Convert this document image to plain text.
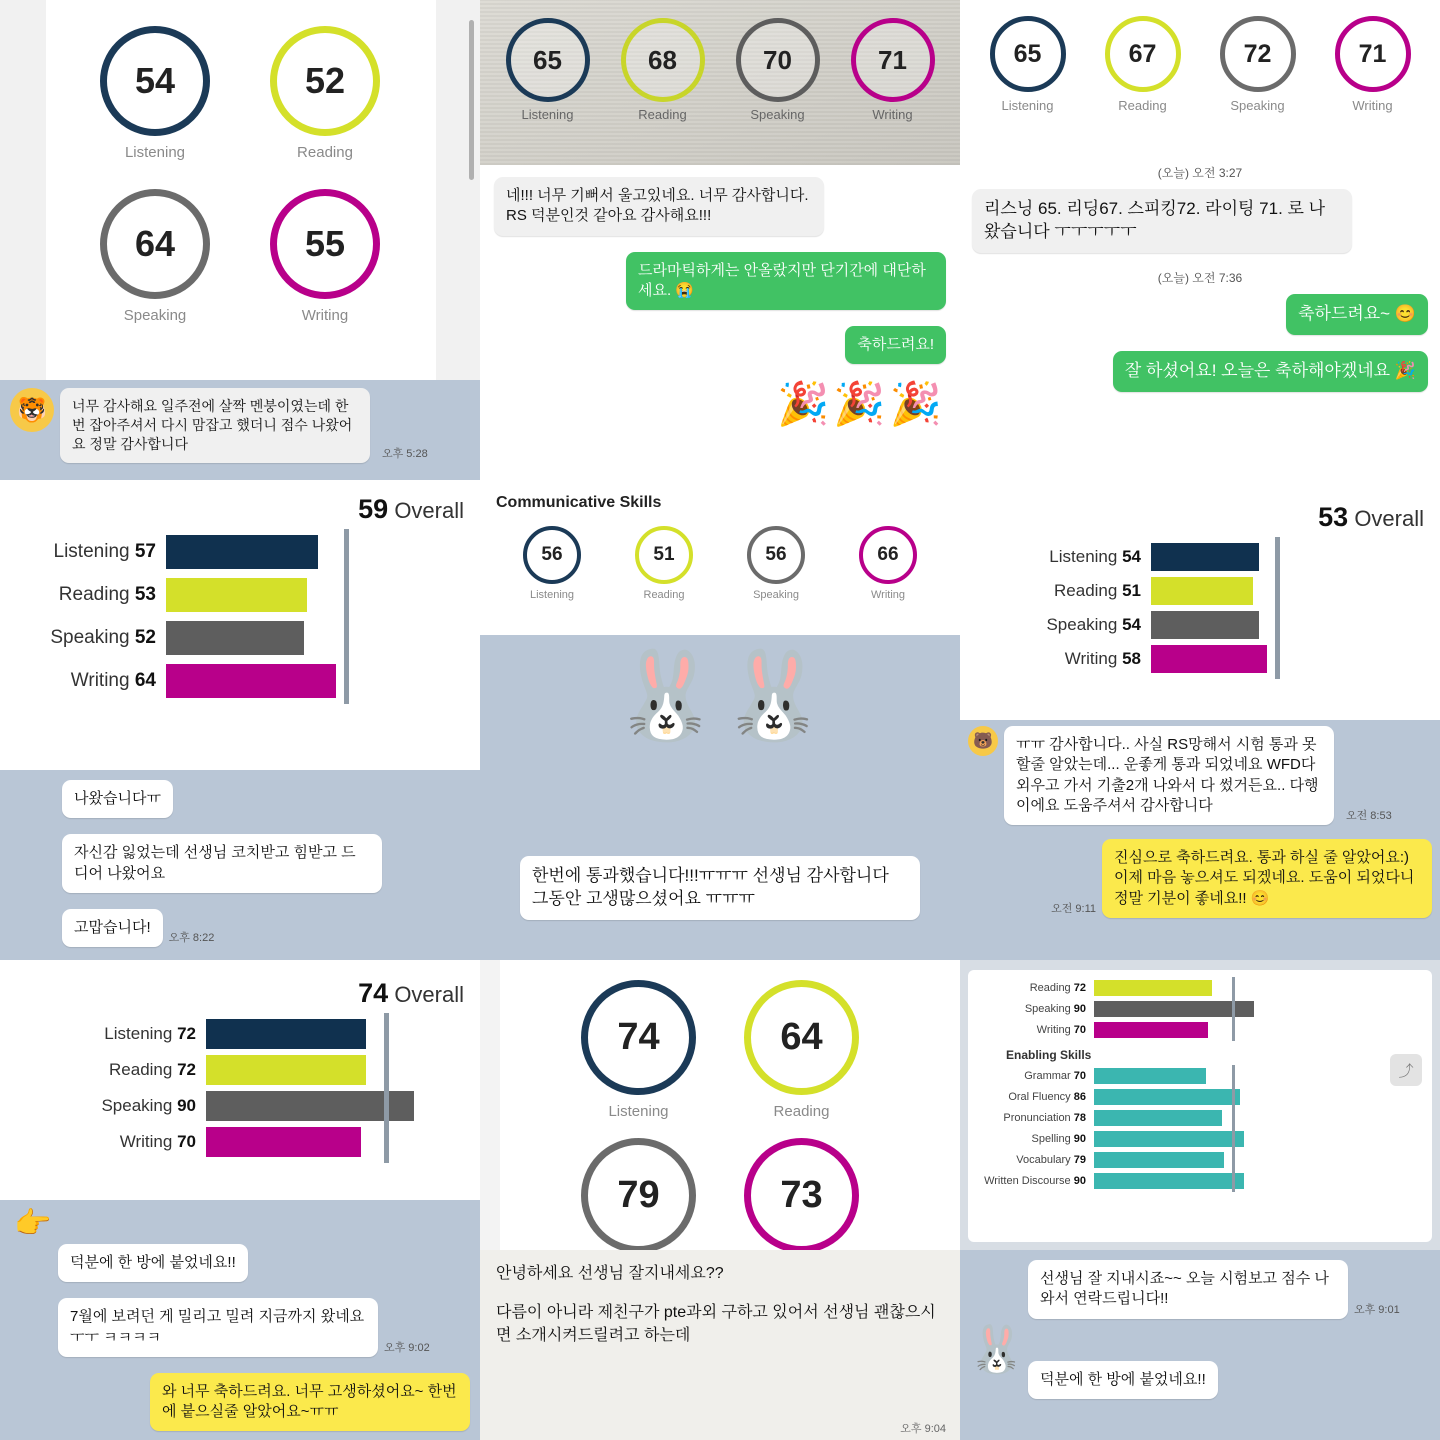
54
Listening
52
Reading
64
Speaking
55
Writing
🐯	너무 감사해요 일주전에 살짝 멘붕이였는데 한번 잡아주셔서 다시 맘잡고 했더니 점수 나왔어요 정말 감사합니다
오후 5:28
65
Listening
68
Reading
70
Speaking
71
Writing
네!!! 너무 기뻐서 울고있네요. 너무 감사합니다. RS 덕분인것 같아요 감사해요!!!
드라마틱하게는 안올랐지만 단기간에 대단하세요. 😭
축하드려요!
🎉🎉🎉
65
Listening
67
Reading
72
Speaking
71
Writing
(오늘) 오전 3:27
리스닝 65. 리딩67. 스피킹72. 라이팅 71. 로 나왔습니다 ㅜㅜㅜㅜㅜ
(오늘) 오전 7:36
축하드려요~ 😊
잘 하셨어요! 오늘은 축하해야겠네요 🎉
59 Overall
Listening 57
Reading 53
Speaking 52
Writing 64
나왔습니다ㅠ
자신감 잃었는데 선생님 코치받고 힘받고 드디어 나왔어요
고맙습니다!
오후 8:22
Communicative Skills
56
Listening
51
Reading
56
Speaking
66
Writing
🐰🐰
한번에 통과했습니다!!!ㅠㅠㅠ 선생님 감사합니다 그동안 고생많으셨어요 ㅠㅠㅠ
53 Overall
Listening 54
Reading 51
Speaking 54
Writing 58
🐻	ㅠㅠ 감사합니다.. 사실 RS망해서 시험 통과 못할줄 알았는데... 운좋게 통과 되었네요 WFD다 외우고 가서 기출2개 나와서 다 썼거든요.. 다행이에요 도움주셔서 감사합니다
오전 8:53
오전 9:11
진심으로 축하드려요. 통과 하실 줄 알았어요:) 이제 마음 놓으셔도 되겠네요. 도움이 되었다니 정말 기분이 좋네요!! 😊
74 Overall
Listening 72
Reading 72
Speaking 90
Writing 70
👉
덕분에 한 방에 붙었네요!!
7월에 보려던 게 밀리고 밀려 지금까지 왔네요ㅜㅜ ㅋㅋㅋㅋ
오후 9:02
와 너무 축하드려요. 너무 고생하셨어요~ 한번에 붙으실줄 알았어요~ㅠㅠ
74
Listening
64
Reading
79	73
안녕하세요 선생님 잘지내세요??
다름이 아니라 제친구가 pte과외 구하고 있어서 선생님 괜찮으시면 소개시켜드릴려고 하는데
오후 9:04
⤴
Reading 72
Speaking 90
Writing 70
Enabling Skills
Grammar 70
Oral Fluency 86
Pronunciation 78
Spelling 90
Vocabulary 79
Written Discourse 90
🐰
선생님 잘 지내시죠~~ 오늘 시험보고 점수 나와서 연락드립니다!!
오후 9:01
덕분에 한 방에 붙었네요!!
